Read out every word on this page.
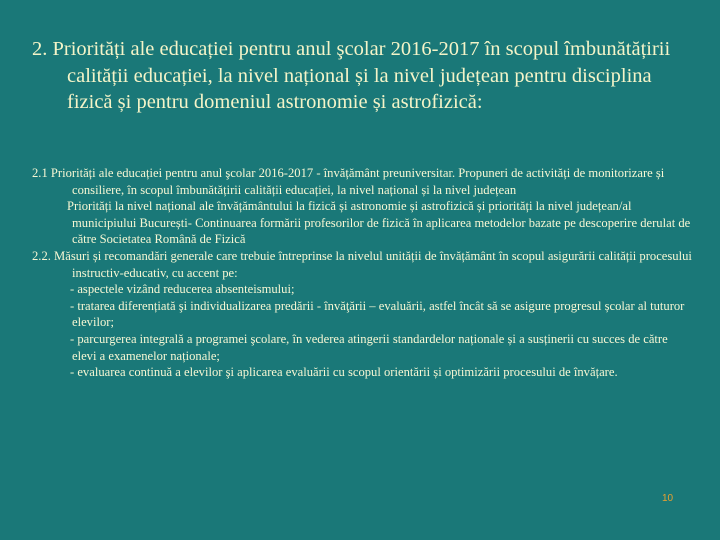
2. Priorități ale educației pentru anul şcolar 2016-2017 în scopul îmbunătățirii calității educației, la nivel național și la nivel județean pentru disciplina fizică și pentru domeniul astronomie și astrofizică:

2.1 Priorități ale educației pentru anul şcolar 2016-2017 - învățământ preuniversitar. Propuneri de activități de monitorizare și consiliere, în scopul îmbunătățirii calității educației, la nivel național și la nivel județean

Priorități la nivel național ale învățământului la fizică și astronomie și astrofizică și priorități la nivel județean/al municipiului București- Continuarea formării profesorilor de fizică în aplicarea metodelor bazate pe descoperire derulat de către Societatea Română de Fizică

2.2. Măsuri și recomandări generale care trebuie întreprinse la nivelul unității de învățământ în scopul asigurării calității procesului instructiv-educativ, cu accent pe:

- aspectele vizând reducerea absenteismului;

- tratarea diferențiată şi individualizarea predării - învăţării – evaluării, astfel încât să se asigure progresul școlar al tuturor elevilor;

- parcurgerea integrală a programei şcolare, în vederea atingerii standardelor naționale și a susținerii cu succes de către elevi a examenelor naționale;

- evaluarea continuă a elevilor şi aplicarea evaluării cu scopul orientării și optimizării procesului de învățare.

10
